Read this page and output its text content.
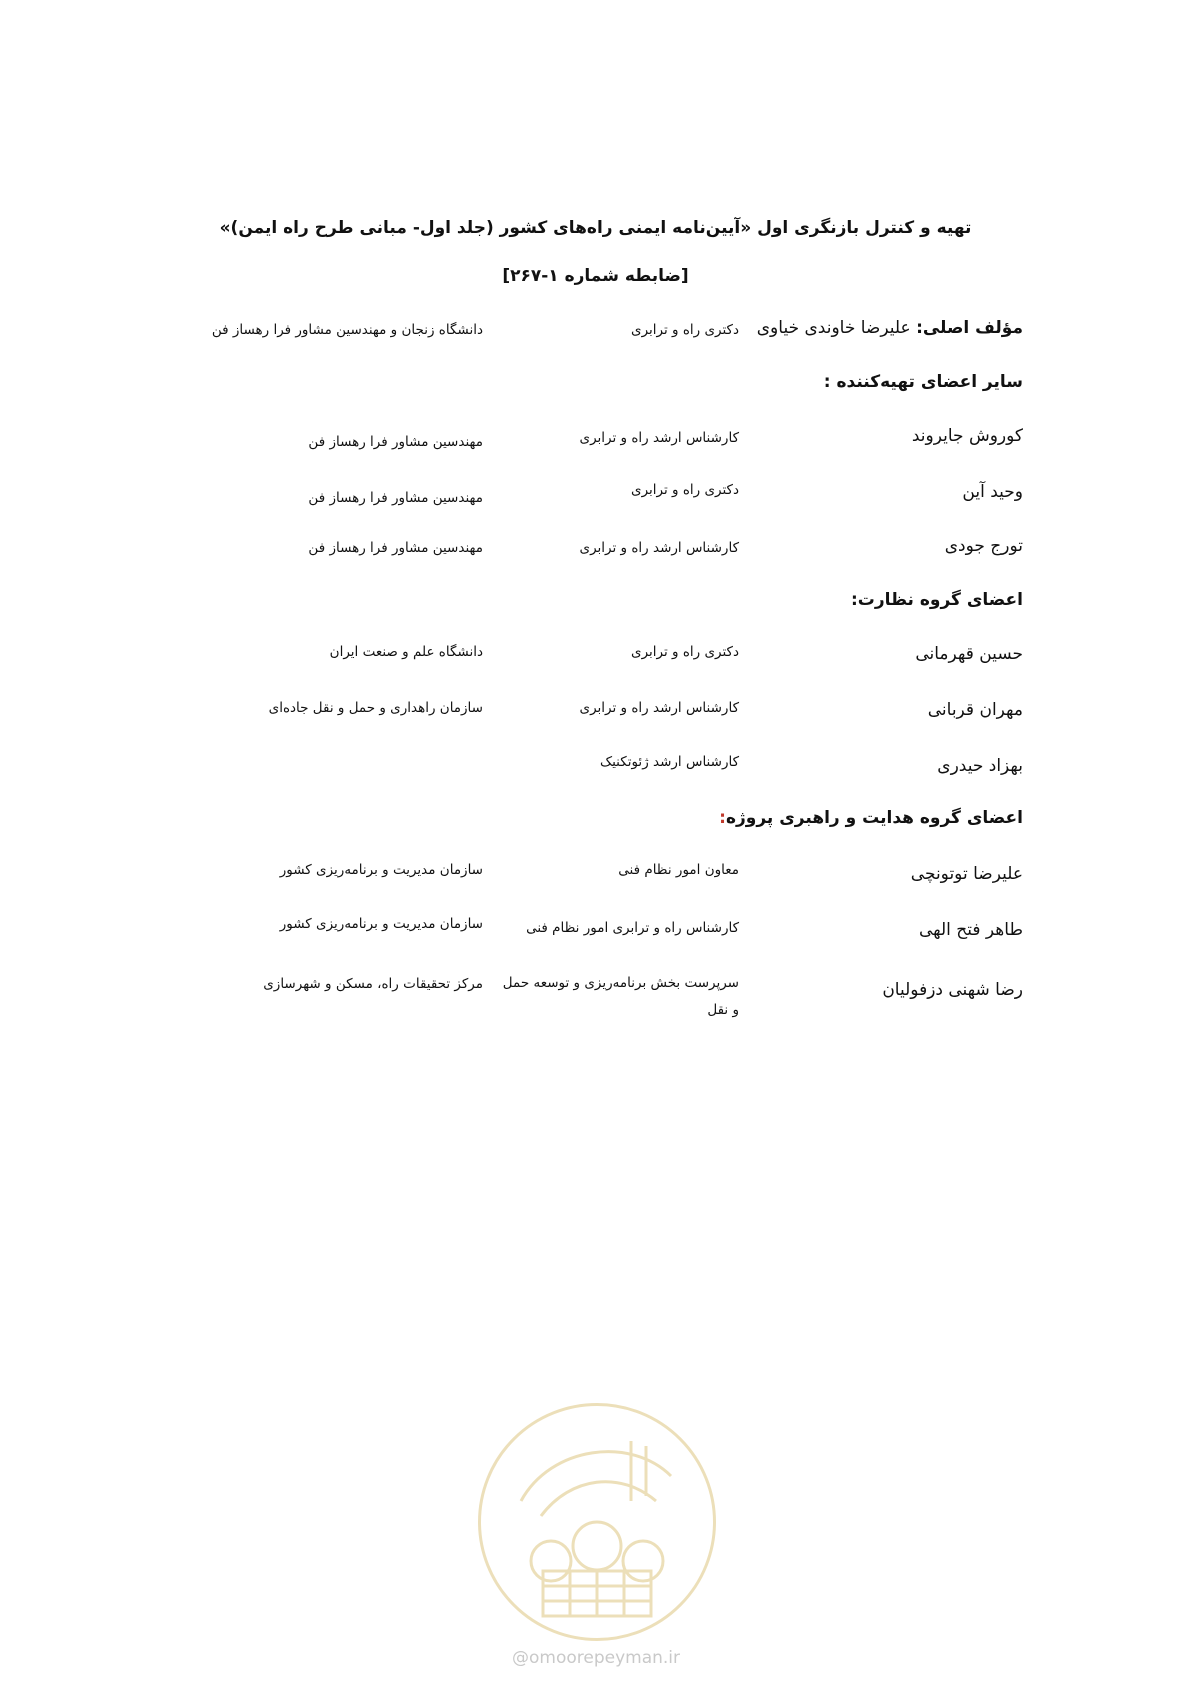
تهیه و کنترل بازنگری اول «آیین‌نامه ایمنی راه‌های کشور (جلد اول- مبانی طرح راه ایمن)»
[ضابطه شماره ۱-۲۶۷]
مؤلف اصلی: علیرضا خاوندی خیاوی
دکتری راه و ترابری
دانشگاه زنجان و مهندسین مشاور فرا رهساز فن
سایر اعضای تهیه‌کننده :
کوروش جایروند
کارشناس ارشد راه و ترابری
مهندسین مشاور فرا رهساز فن
وحید آین
دکتری راه و ترابری
مهندسین مشاور فرا رهساز فن
تورج جودی
کارشناس ارشد راه و ترابری
مهندسین مشاور فرا رهساز فن
اعضای گروه نظارت:
حسین قهرمانی
دکتری راه و ترابری
دانشگاه علم و صنعت ایران
مهران قربانی
کارشناس ارشد راه و ترابری
سازمان راهداری و حمل و نقل جاده‌ای
بهزاد حیدری
کارشناس ارشد ژئوتکنیک
اعضای گروه هدایت و راهبری پروژه:
علیرضا توتونچی
معاون امور نظام فنی
سازمان مدیریت و برنامه‌ریزی کشور
طاهر فتح الهی
کارشناس راه و ترابری امور نظام فنی
سازمان مدیریت و برنامه‌ریزی کشور
رضا شهنی دزفولیان
سرپرست بخش برنامه‌ریزی و توسعه حمل و نقل
مرکز تحقیقات راه، مسکن و شهرسازی
@omoorepeyman.ir
